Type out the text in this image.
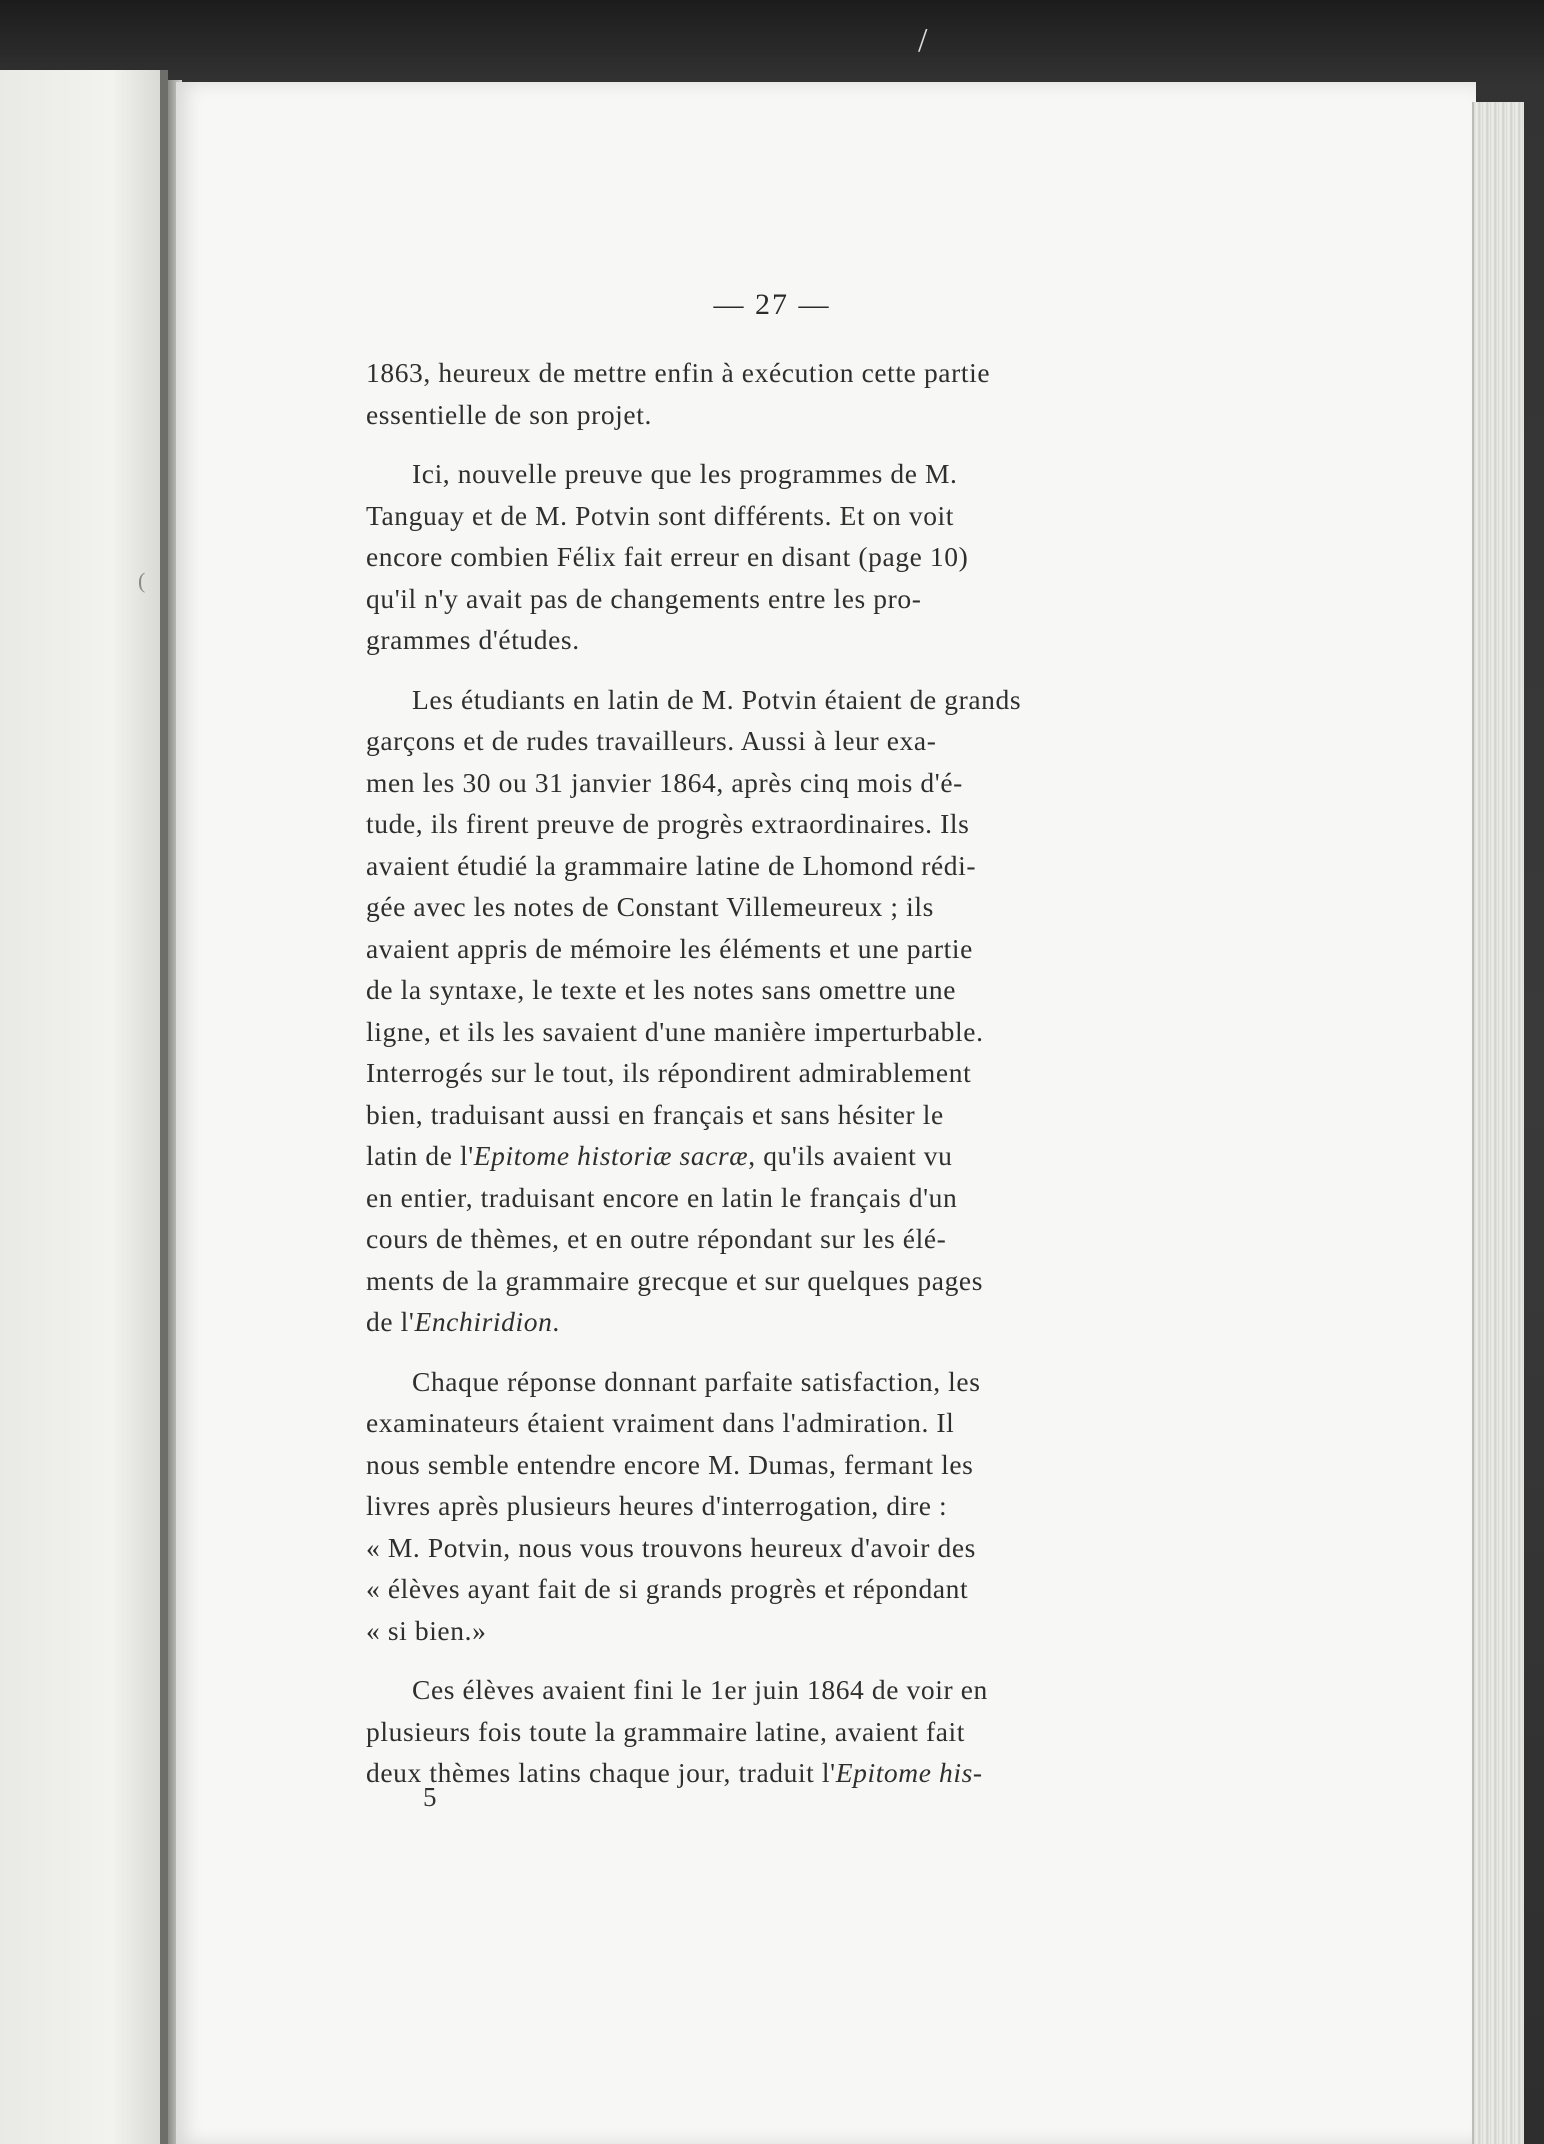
/
(
— 27 —

1863, heureux de mettre enfin à exécution cette partie
essentielle de son projet.

Ici, nouvelle preuve que les programmes de M.
Tanguay et de M. Potvin sont différents. Et on voit
encore combien Félix fait erreur en disant (page 10)
qu'il n'y avait pas de changements entre les pro-
grammes d'études.

Les étudiants en latin de M. Potvin étaient de grands
garçons et de rudes travailleurs. Aussi à leur exa-
men les 30 ou 31 janvier 1864, après cinq mois d'é-
tude, ils firent preuve de progrès extraordinaires. Ils
avaient étudié la grammaire latine de Lhomond rédi-
gée avec les notes de Constant Villemeureux ; ils
avaient appris de mémoire les éléments et une partie
de la syntaxe, le texte et les notes sans omettre une
ligne, et ils les savaient d'une manière imperturbable.
Interrogés sur le tout, ils répondirent admirablement
bien, traduisant aussi en français et sans hésiter le
latin de l'Epitome historiæ sacræ, qu'ils avaient vu
en entier, traduisant encore en latin le français d'un
cours de thèmes, et en outre répondant sur les élé-
ments de la grammaire grecque et sur quelques pages
de l'Enchiridion.

Chaque réponse donnant parfaite satisfaction, les
examinateurs étaient vraiment dans l'admiration. Il
nous semble entendre encore M. Dumas, fermant les
livres après plusieurs heures d'interrogation, dire :
« M. Potvin, nous vous trouvons heureux d'avoir des
« élèves ayant fait de si grands progrès et répondant
« si bien.»

Ces élèves avaient fini le 1er juin 1864 de voir en
plusieurs fois toute la grammaire latine, avaient fait
deux thèmes latins chaque jour, traduit l'Epitome his-

5
